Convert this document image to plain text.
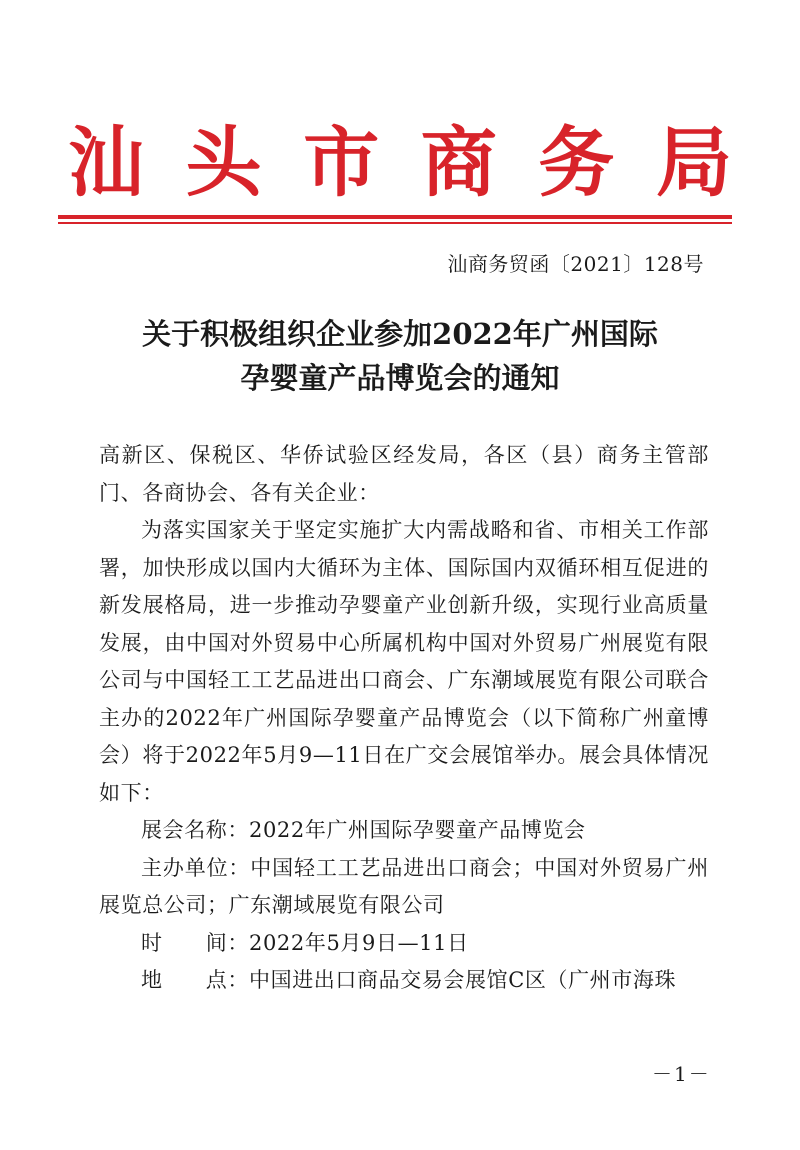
汕 头 市 商 务 局
汕商务贸函〔2021〕128号
关于积极组织企业参加2022年广州国际
孕婴童产品博览会的通知

高新区、保税区、华侨试验区经发局，各区（县）商务主管部门、各商协会、各有关企业：

为落实国家关于坚定实施扩大内需战略和省、市相关工作部署，加快形成以国内大循环为主体、国际国内双循环相互促进的新发展格局，进一步推动孕婴童产业创新升级，实现行业高质量发展，由中国对外贸易中心所属机构中国对外贸易广州展览有限公司与中国轻工工艺品进出口商会、广东潮域展览有限公司联合主办的2022年广州国际孕婴童产品博览会（以下简称广州童博会）将于2022年5月9—11日在广交会展馆举办。展会具体情况如下：

展会名称：2022年广州国际孕婴童产品博览会

主办单位：中国轻工工艺品进出口商会；中国对外贸易广州展览总公司；广东潮域展览有限公司

时　　间：2022年5月9日—11日

地　　点：中国进出口商品交易会展馆C区（广州市海珠

－1－
